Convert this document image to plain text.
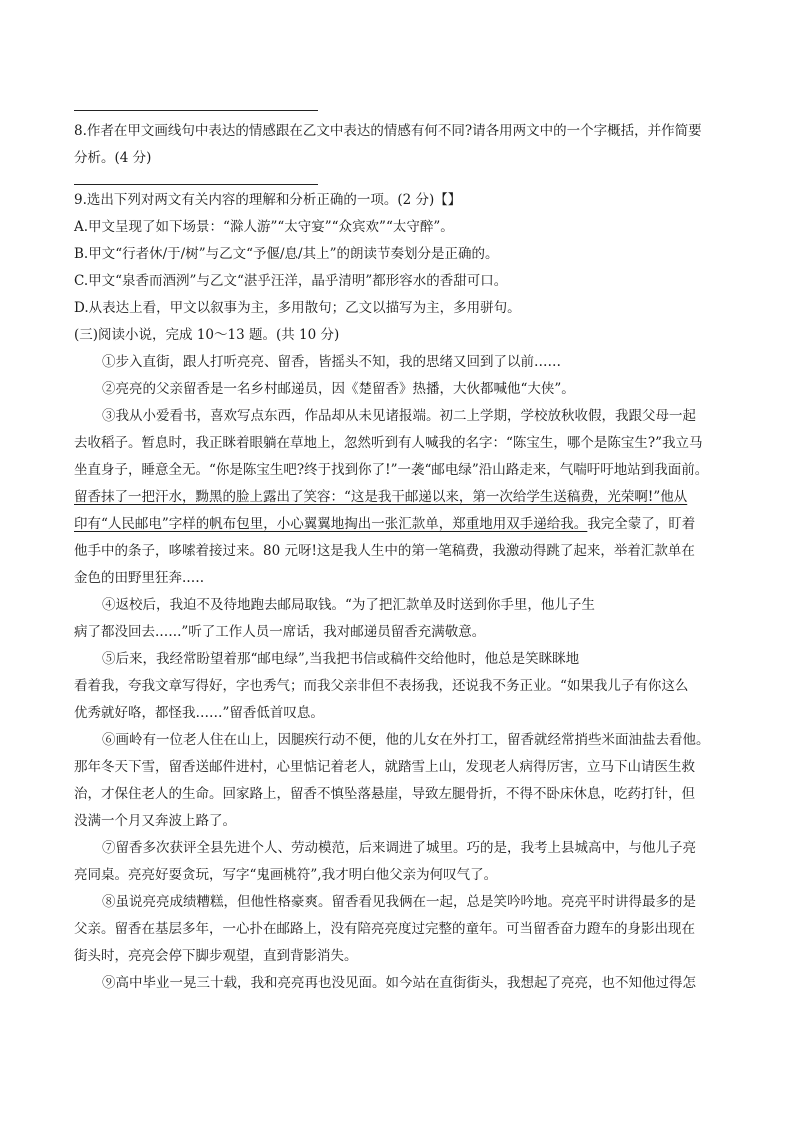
8.作者在甲文画线句中表达的情感跟在乙文中表达的情感有何不同?请各用两文中的一个字概括，并作简要

分析。(4 分)

9.选出下列对两文有关内容的理解和分析正确的一项。(2 分)【】

A.甲文呈现了如下场景：“滁人游”“太守宴”“众宾欢”“太守醉”。

B.甲文“行者休/于/树”与乙文“予偃/息/其上”的朗读节奏划分是正确的。

C.甲文“泉香而酒洌”与乙文“湛乎汪洋，晶乎清明”都形容水的香甜可口。

D.从表达上看，甲文以叙事为主，多用散句；乙文以描写为主，多用骈句。

(三)阅读小说，完成 10～13 题。(共 10 分)

①步入直街，跟人打听亮亮、留香，皆摇头不知，我的思绪又回到了以前……

②亮亮的父亲留香是一名乡村邮递员，因《楚留香》热播，大伙都喊他“大侠”。

③我从小爱看书，喜欢写点东西，作品却从未见诸报端。初二上学期，学校放秋收假，我跟父母一起

去收稻子。暂息时，我正眯着眼躺在草地上，忽然听到有人喊我的名字：“陈宝生，哪个是陈宝生?”我立马

坐直身子，睡意全无。“你是陈宝生吧?终于找到你了!”一袭“邮电绿”沿山路走来，气喘吁吁地站到我面前。

留香抹了一把汗水，黝黑的脸上露出了笑容：“这是我干邮递以来，第一次给学生送稿费，光荣啊!”他从

印有“人民邮电”字样的帆布包里，小心翼翼地掏出一张汇款单，郑重地用双手递给我。我完全蒙了，盯着

他手中的条子，哆嗦着接过来。80 元呀!这是我人生中的第一笔稿费，我激动得跳了起来，举着汇款单在

金色的田野里狂奔.….

④返校后，我迫不及待地跑去邮局取钱。“为了把汇款单及时送到你手里，他儿子生

病了都没回去.…..”听了工作人员一席话，我对邮递员留香充满敬意。

⑤后来，我经常盼望着那“邮电绿”,当我把书信或稿件交给他时，他总是笑眯眯地

看着我，夸我文章写得好，字也秀气；而我父亲非但不表扬我，还说我不务正业。“如果我儿子有你这么

优秀就好咯，都怪我……”留香低首叹息。

⑥画岭有一位老人住在山上，因腿疾行动不便，他的儿女在外打工，留香就经常捎些米面油盐去看他。

那年冬天下雪，留香送邮件进村，心里惦记着老人，就踏雪上山，发现老人病得厉害，立马下山请医生救

治，才保住老人的生命。回家路上，留香不慎坠落悬崖，导致左腿骨折，不得不卧床休息，吃药打针，但

没满一个月又奔波上路了。

⑦留香多次获评全县先进个人、劳动模范，后来调进了城里。巧的是，我考上县城高中，与他儿子亮

亮同桌。亮亮好耍贪玩，写字“鬼画桃符”,我才明白他父亲为何叹气了。

⑧虽说亮亮成绩糟糕，但他性格豪爽。留香看见我俩在一起，总是笑吟吟地。亮亮平时讲得最多的是

父亲。留香在基层多年，一心扑在邮路上，没有陪亮亮度过完整的童年。可当留香奋力蹬车的身影出现在

街头时，亮亮会停下脚步观望，直到背影消失。

⑨高中毕业一晃三十载，我和亮亮再也没见面。如今站在直街街头，我想起了亮亮，也不知他过得怎
